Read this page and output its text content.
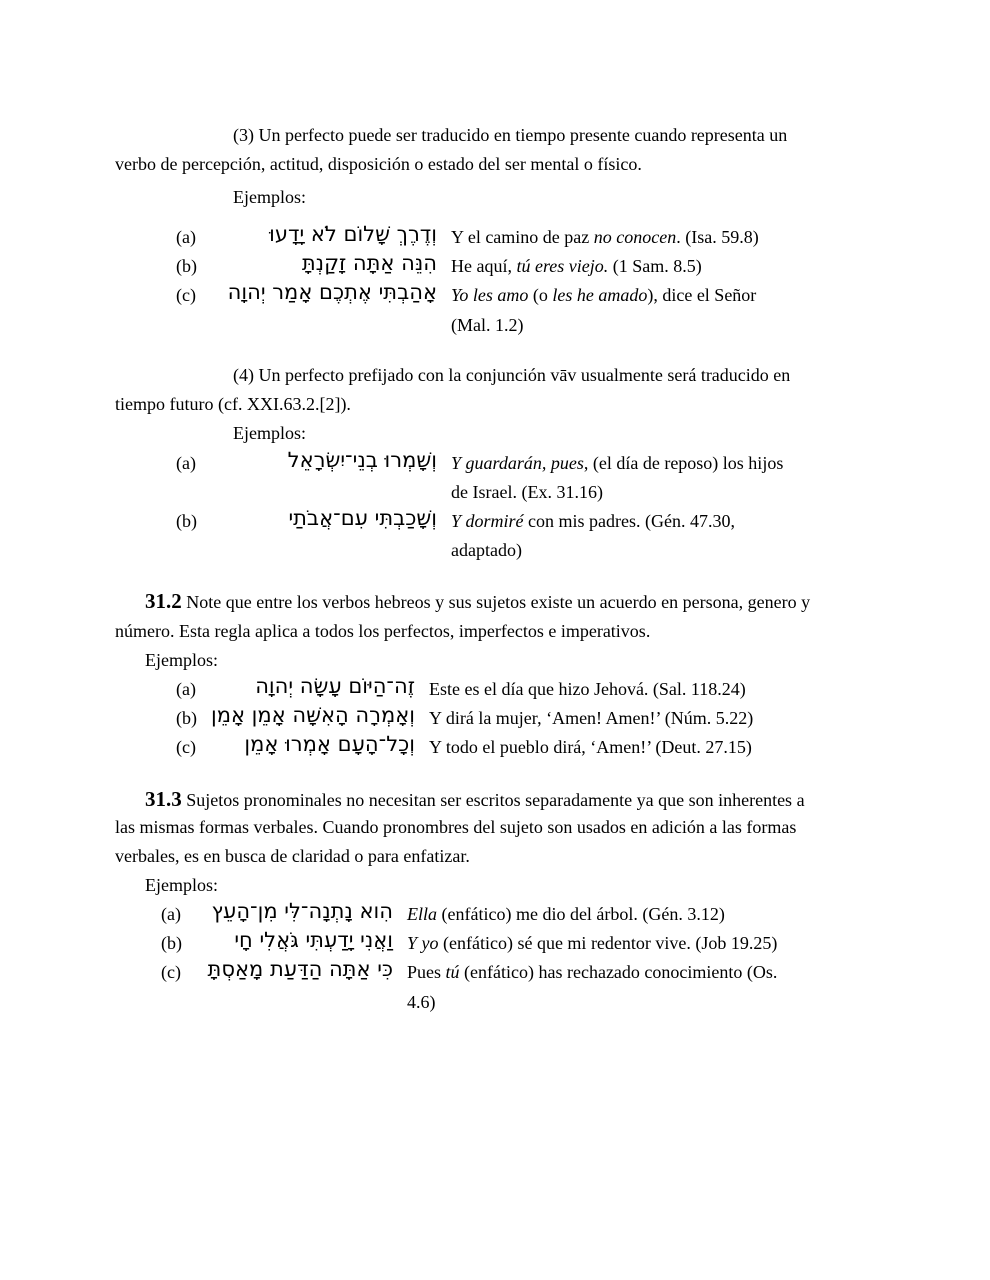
(3) Un perfecto puede ser traducido en tiempo presente cuando representa un
verbo de percepción, actitud, disposición o estado del ser mental o físico.
Ejemplos:
(a)	וְדֶרֶךְ שָׁלוֹם לֹא יָדָעוּ Y el camino de paz no conocen. (Isa. 59.8)
(b)	הִנֵּה אַתָּה זָקַנְתָּ He aquí, tú eres viejo. (1 Sam. 8.5)
(c) אָהַבְתִּי אֶתְכֶם אָמַר יְהוָה Yo les amo (o les he amado), dice el Señor
(Mal. 1.2)
(4) Un perfecto prefijado con la conjunción vāv usualmente será traducido en
tiempo futuro (cf. XXI.63.2.[2]).
Ejemplos:
(a)	וְשָׁמְרוּ בְנֵי־יִשְׂרָאֵל Y guardarán, pues, (el día de reposo) los hijos
de Israel. (Ex. 31.16)
(b)	וְשָׁכַבְתִּי עִם־אֲבֹתַי Y dormiré con mis padres. (Gén. 47.30,
adaptado)
31.2 Note que entre los verbos hebreos y sus sujetos existe un acuerdo en persona, genero y
número. Esta regla aplica a todos los perfectos, imperfectos e imperativos.
Ejemplos:
(a)	זֶה־הַיּוֹם עָשָׂה יְהוָה Este es el día que hizo Jehová. (Sal. 118.24)
(b) וְאָמְרָה הָאִשָּׁה אָמֵן אָמֵן Y dirá la mujer, ‘Amen! Amen!’ (Núm. 5.22)
(c) וְכָל־הָעָם אָמְרוּ אָמֵן Y todo el pueblo dirá, ‘Amen!’ (Deut. 27.15)
31.3 Sujetos pronominales no necesitan ser escritos separadamente ya que son inherentes a
las mismas formas verbales. Cuando pronombres del sujeto son usados en adición a las formas
verbales, es en busca de claridad o para enfatizar.
Ejemplos:
(a) הִוא נָתְנָה־לִּי מִן־הָעֵץ Ella (enfático) me dio del árbol. (Gén. 3.12)
(b) וַאֲנִי יָדַעְתִּי גֹּאֲלִי חָי Y yo (enfático) sé que mi redentor vive. (Job 19.25)
(c) כִּי אַתָּה הַדַּעַת מָאַסְתָּ Pues tú (enfático) has rechazado conocimiento (Os.
4.6)
